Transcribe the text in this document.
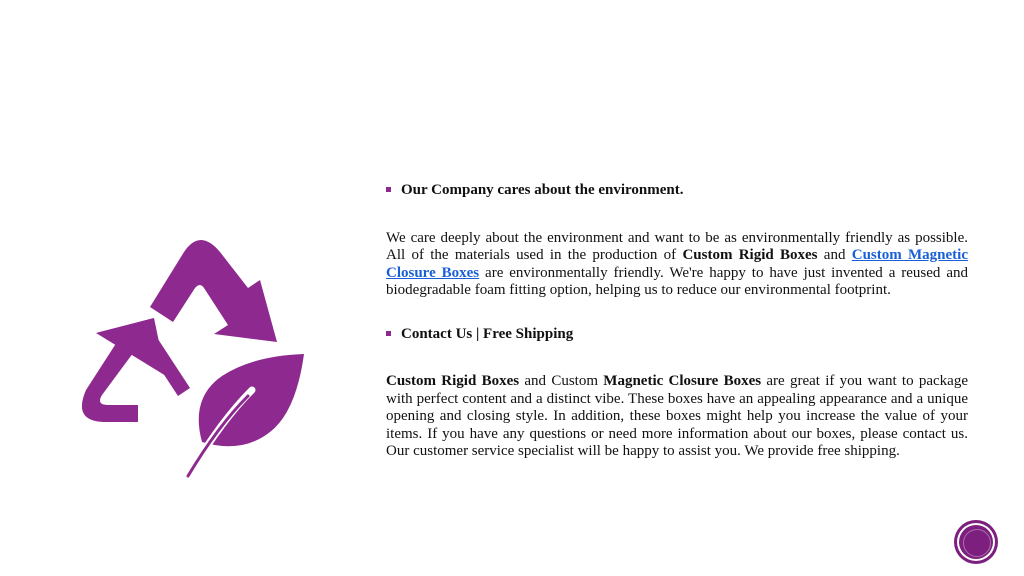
Our Company cares about the environment.

We care deeply about the environment and want to be as environmentally friendly as possible. All of the materials used in the production of Custom Rigid Boxes and Custom Magnetic Closure Boxes are environmentally friendly. We're happy to have just invented a reused and biodegradable foam fitting option, helping us to reduce our environmental footprint.

Contact Us | Free Shipping

Custom Rigid Boxes and Custom Magnetic Closure Boxes are great if you want to package with perfect content and a distinct vibe. These boxes have an appealing appearance and a unique opening and closing style. In addition, these boxes might help you increase the value of your items. If you have any questions or need more information about our boxes, please contact us. Our customer service specialist will be happy to assist you. We provide free shipping.
